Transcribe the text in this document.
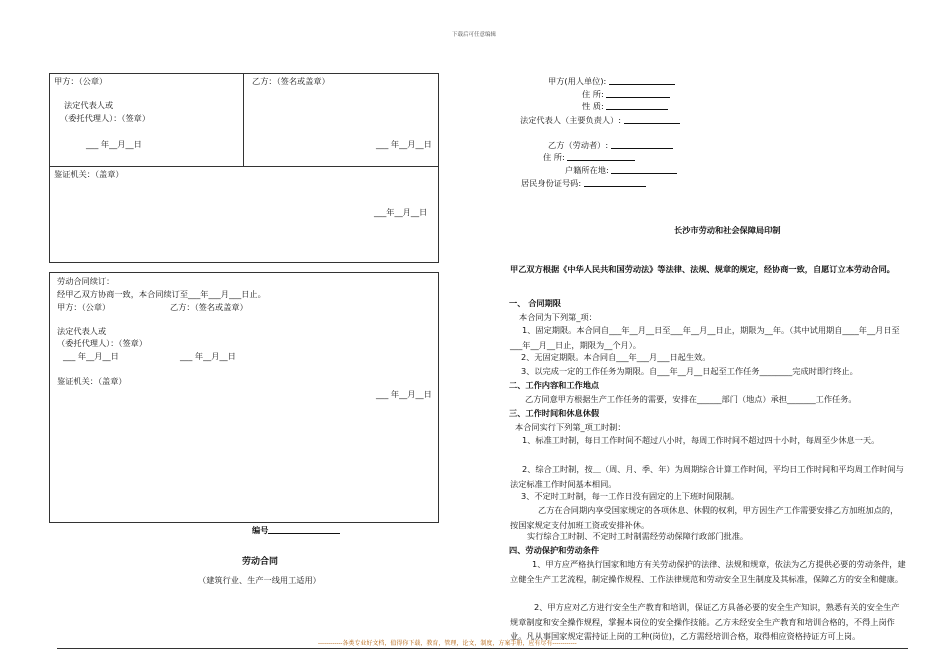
下载后可任意编辑
甲方：（公章）
法定代表人或
（委托代理人）：（签章）
___ 年__月__日
乙方：（签名或盖章）
___ 年__月__日
鉴证机关：（盖章）
___年__月__日
劳动合同续订：
经甲乙双方协商一致，本合同续订至___年___月___日止。
甲方：（公章）	乙方：（签名或盖章）
法定代表人或
（委托代理人）：（签章）
___ 年__月__日	___ 年__月__日
鉴证机关：（盖章）
___ 年__月__日
编号
劳动合同
（建筑行业、生产一线用工适用）
甲方(用人单位):
住 所:
性 质:
法定代表人（主要负责人）:
乙方（劳动者）:
住 所:
户籍所在地:
居民身份证号码:
长沙市劳动和社会保障局印制
甲乙双方根据《中华人民共和国劳动法》等法律、法规、规章的规定，经协商一致，自愿订立本劳动合同。
一、 合同期限
本合同为下列第_项：
1、固定期限。本合同自___年__月__日至___年__月__日止，期限为__年。（其中试用期自____年__月日至___年__月__日止，期限为__个月）。
2、无固定期限。本合同自___年___月___日起生效。
3、以完成一定的工作任务为期限。自___年__月__日起至工作任务________完成时即行终止。
二、工作内容和工作地点
乙方同意甲方根据生产工作任务的需要，安排在______部门（地点）承担_______工作任务。
三、工作时间和休息休假
本合同实行下列第_项工时制：
1、标准工时制，每日工作时间不超过八小时，每周工作时间不超过四十小时，每周至少休息一天。
2、综合工时制，按＿（周、月、季、年）为周期综合计算工作时间，平均日工作时间和平均周工作时间与法定标准工作时间基本相同。
3、不定时工时制，每一工作日没有固定的上下班时间限制。
乙方在合同期内享受国家规定的各项休息、休假的权利，甲方因生产工作需要安排乙方加班加点的，按国家规定支付加班工资或安排补休。
实行综合工时制、不定时工时制需经劳动保障行政部门批准。
四、劳动保护和劳动条件
1、甲方应严格执行国家和地方有关劳动保护的法律、法规和规章，依法为乙方提供必要的劳动条件，建立健全生产工艺流程，制定操作规程、工作法律规范和劳动安全卫生制度及其标准，保障乙方的安全和健康。
2、甲方应对乙方进行安全生产教育和培训，保证乙方具备必要的安全生产知识，熟悉有关的安全生产规章制度和安全操作规程，掌握本岗位的安全操作技能。乙方未经安全生产教育和培训合格的，不得上岗作业。凡从事国家规定需持证上岗的工种(岗位)，乙方需经培训合格，取得相应资格持证方可上岗。
------------各类专业好文档，值得你下载，教育，管理，论文，制度，方案手册，应有尽有------------
